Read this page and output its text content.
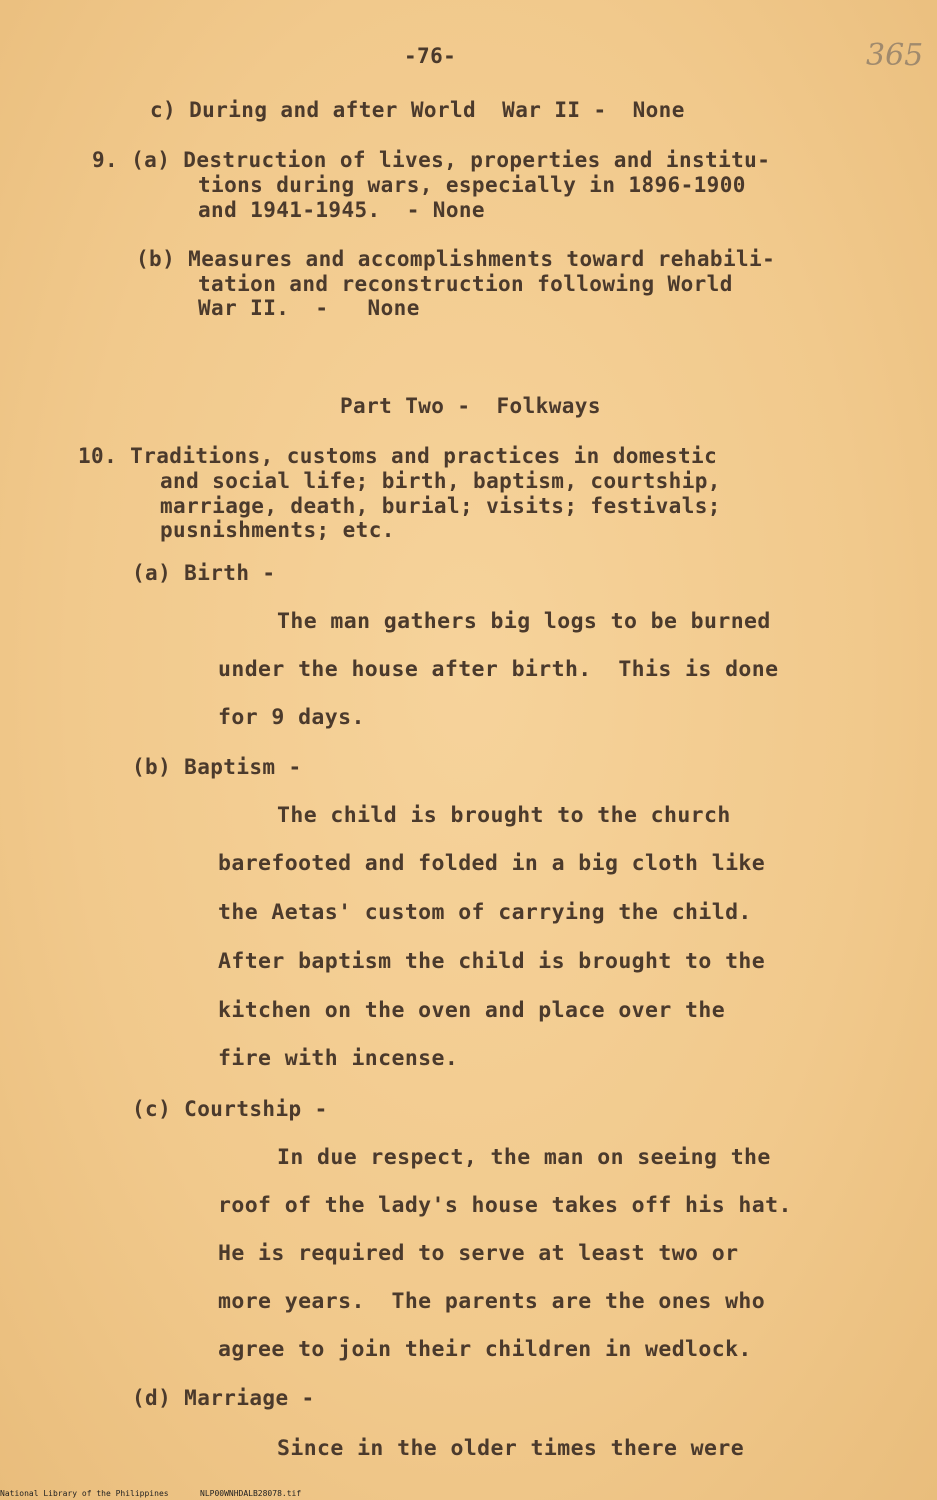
-76-	365
c) During and after World  War II -  None
9. (a) Destruction of lives, properties and institu-
tions during wars, especially in 1896-1900
and 1941-1945.  - None
(b) Measures and accomplishments toward rehabili-
tation and reconstruction following World
War II.  -   None
Part Two -  Folkways
10. Traditions, customs and practices in domestic
and social life; birth, baptism, courtship,
marriage, death, burial; visits; festivals;
pusnishments; etc.
(a) Birth -
The man gathers big logs to be burned
under the house after birth.  This is done
for 9 days.
(b) Baptism -
The child is brought to the church
barefooted and folded in a big cloth like
the Aetas' custom of carrying the child.
After baptism the child is brought to the
kitchen on the oven and place over the
fire with incense.
(c) Courtship -
In due respect, the man on seeing the
roof of the lady's house takes off his hat.
He is required to serve at least two or
more years.  The parents are the ones who
agree to join their children in wedlock.
(d) Marriage -
Since in the older times there were
National Library of the Philippines	NLP00WNHDALB28078.tif
